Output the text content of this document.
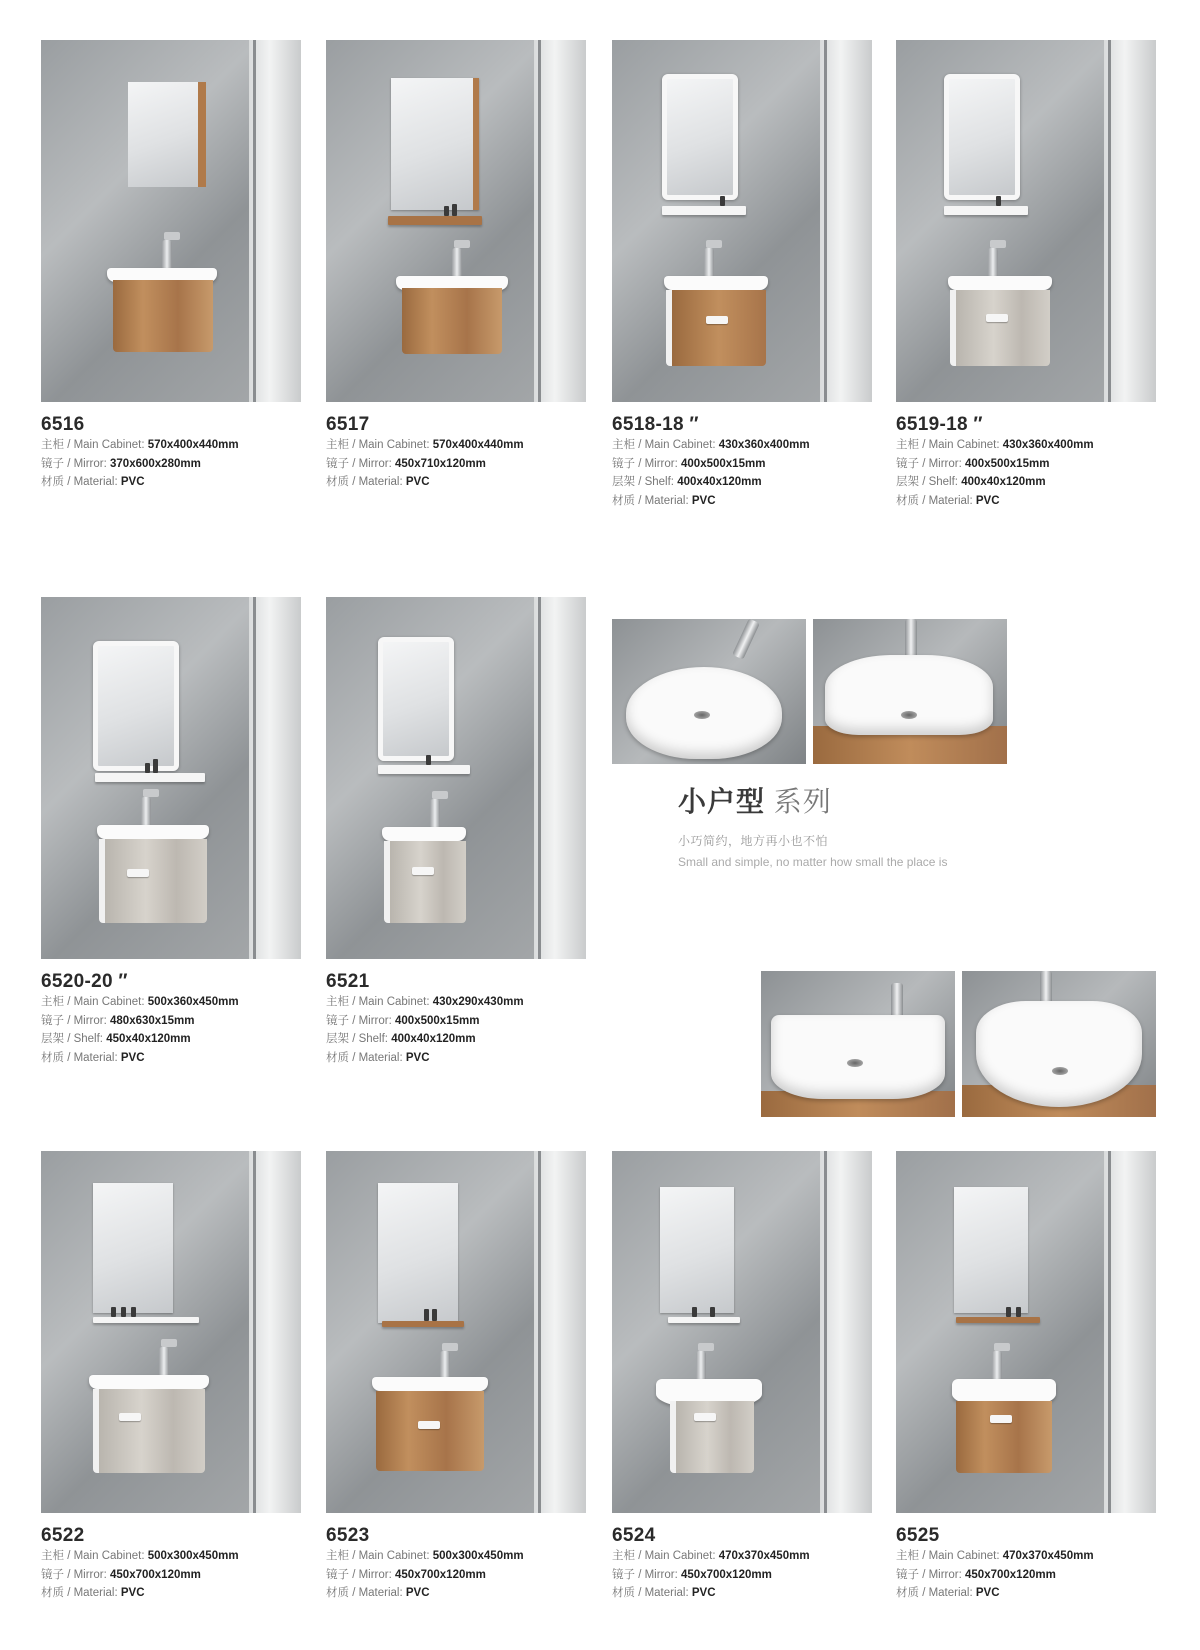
6516
主柜 / Main Cabinet: 570x400x440mm
镜子 / Mirror: 370x600x280mm
材质 / Material: PVC
6517
主柜 / Main Cabinet: 570x400x440mm
镜子 / Mirror: 450x710x120mm
材质 / Material: PVC
6518-18 ″
主柜 / Main Cabinet: 430x360x400mm
镜子 / Mirror: 400x500x15mm
层架 / Shelf: 400x40x120mm
材质 / Material: PVC
6519-18 ″
主柜 / Main Cabinet: 430x360x400mm
镜子 / Mirror: 400x500x15mm
层架 / Shelf: 400x40x120mm
材质 / Material: PVC
6520-20 ″
主柜 / Main Cabinet: 500x360x450mm
镜子 / Mirror: 480x630x15mm
层架 / Shelf: 450x40x120mm
材质 / Material: PVC
6521
主柜 / Main Cabinet: 430x290x430mm
镜子 / Mirror: 400x500x15mm
层架 / Shelf: 400x40x120mm
材质 / Material: PVC
小户型 系列
小巧简约，地方再小也不怕
Small and simple, no matter how small the place is
6522
主柜 / Main Cabinet: 500x300x450mm
镜子 / Mirror: 450x700x120mm
材质 / Material: PVC
6523
主柜 / Main Cabinet: 500x300x450mm
镜子 / Mirror: 450x700x120mm
材质 / Material: PVC
6524
主柜 / Main Cabinet: 470x370x450mm
镜子 / Mirror: 450x700x120mm
材质 / Material: PVC
6525
主柜 / Main Cabinet: 470x370x450mm
镜子 / Mirror: 450x700x120mm
材质 / Material: PVC
